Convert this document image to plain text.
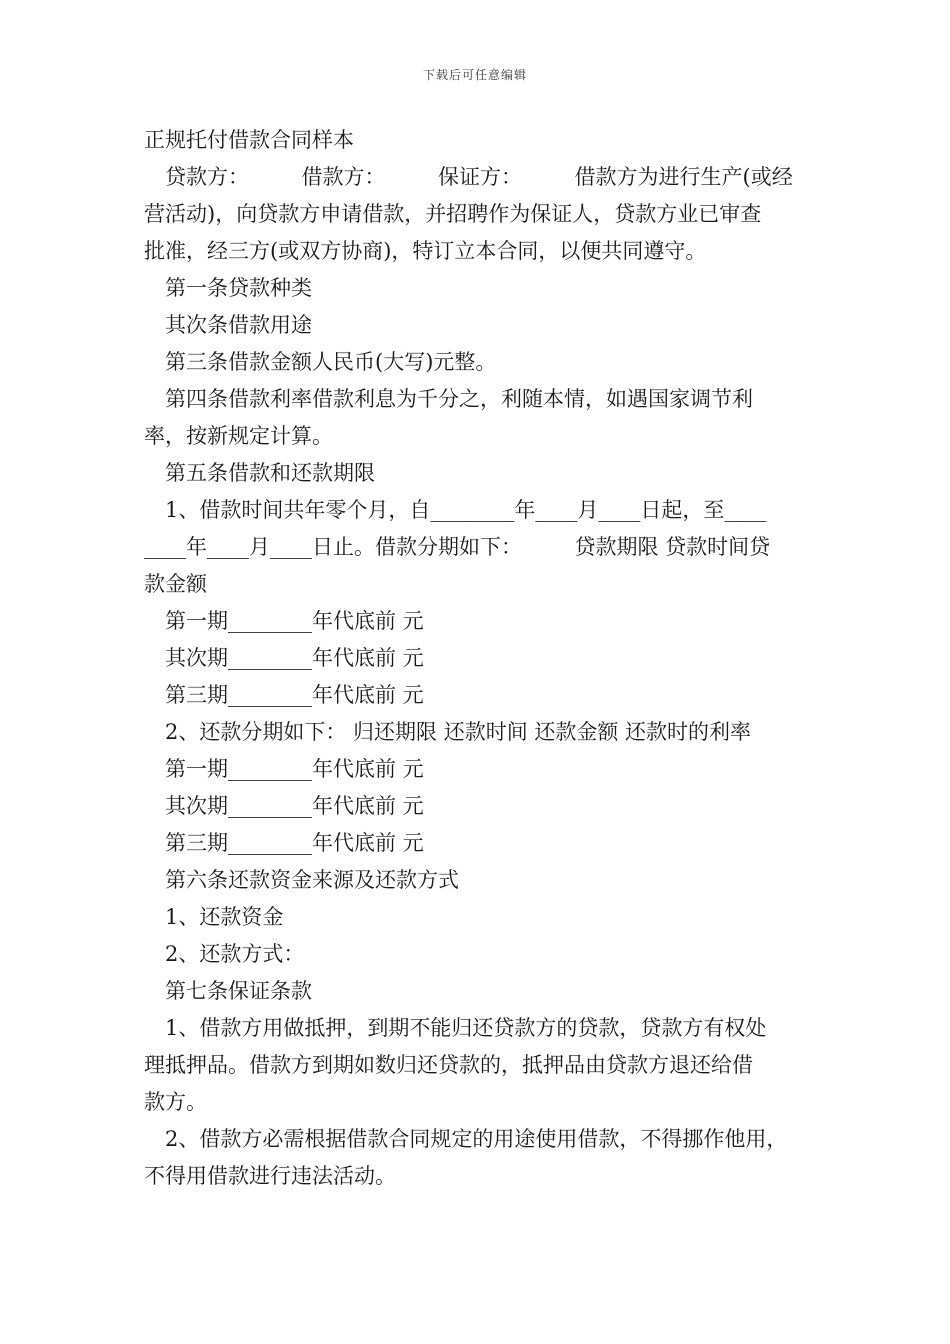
下载后可任意编辑

正规托付借款合同样本

贷款方：　　　借款方：　　　保证方：　　　借款方为进行生产(或经

营活动)，向贷款方申请借款，并招聘作为保证人，贷款方业已审查

批准，经三方(或双方协商)，特订立本合同，以便共同遵守。

第一条贷款种类

其次条借款用途

第三条借款金额人民币(大写)元整。

第四条借款利率借款利息为千分之，利随本情，如遇国家调节利

率，按新规定计算。

第五条借款和还款期限

1、借款时间共年零个月，自________年____月____日起，至____

____年____月____日止。借款分期如下：　　　贷款期限 贷款时间贷

款金额

第一期________年代底前 元

其次期________年代底前 元

第三期________年代底前 元

2、还款分期如下： 归还期限 还款时间 还款金额 还款时的利率

第一期________年代底前 元

其次期________年代底前 元

第三期________年代底前 元

第六条还款资金来源及还款方式

1、还款资金

2、还款方式：

第七条保证条款

1、借款方用做抵押，到期不能归还贷款方的贷款，贷款方有权处

理抵押品。借款方到期如数归还贷款的，抵押品由贷款方退还给借

款方。

2、借款方必需根据借款合同规定的用途使用借款，不得挪作他用，

不得用借款进行违法活动。
